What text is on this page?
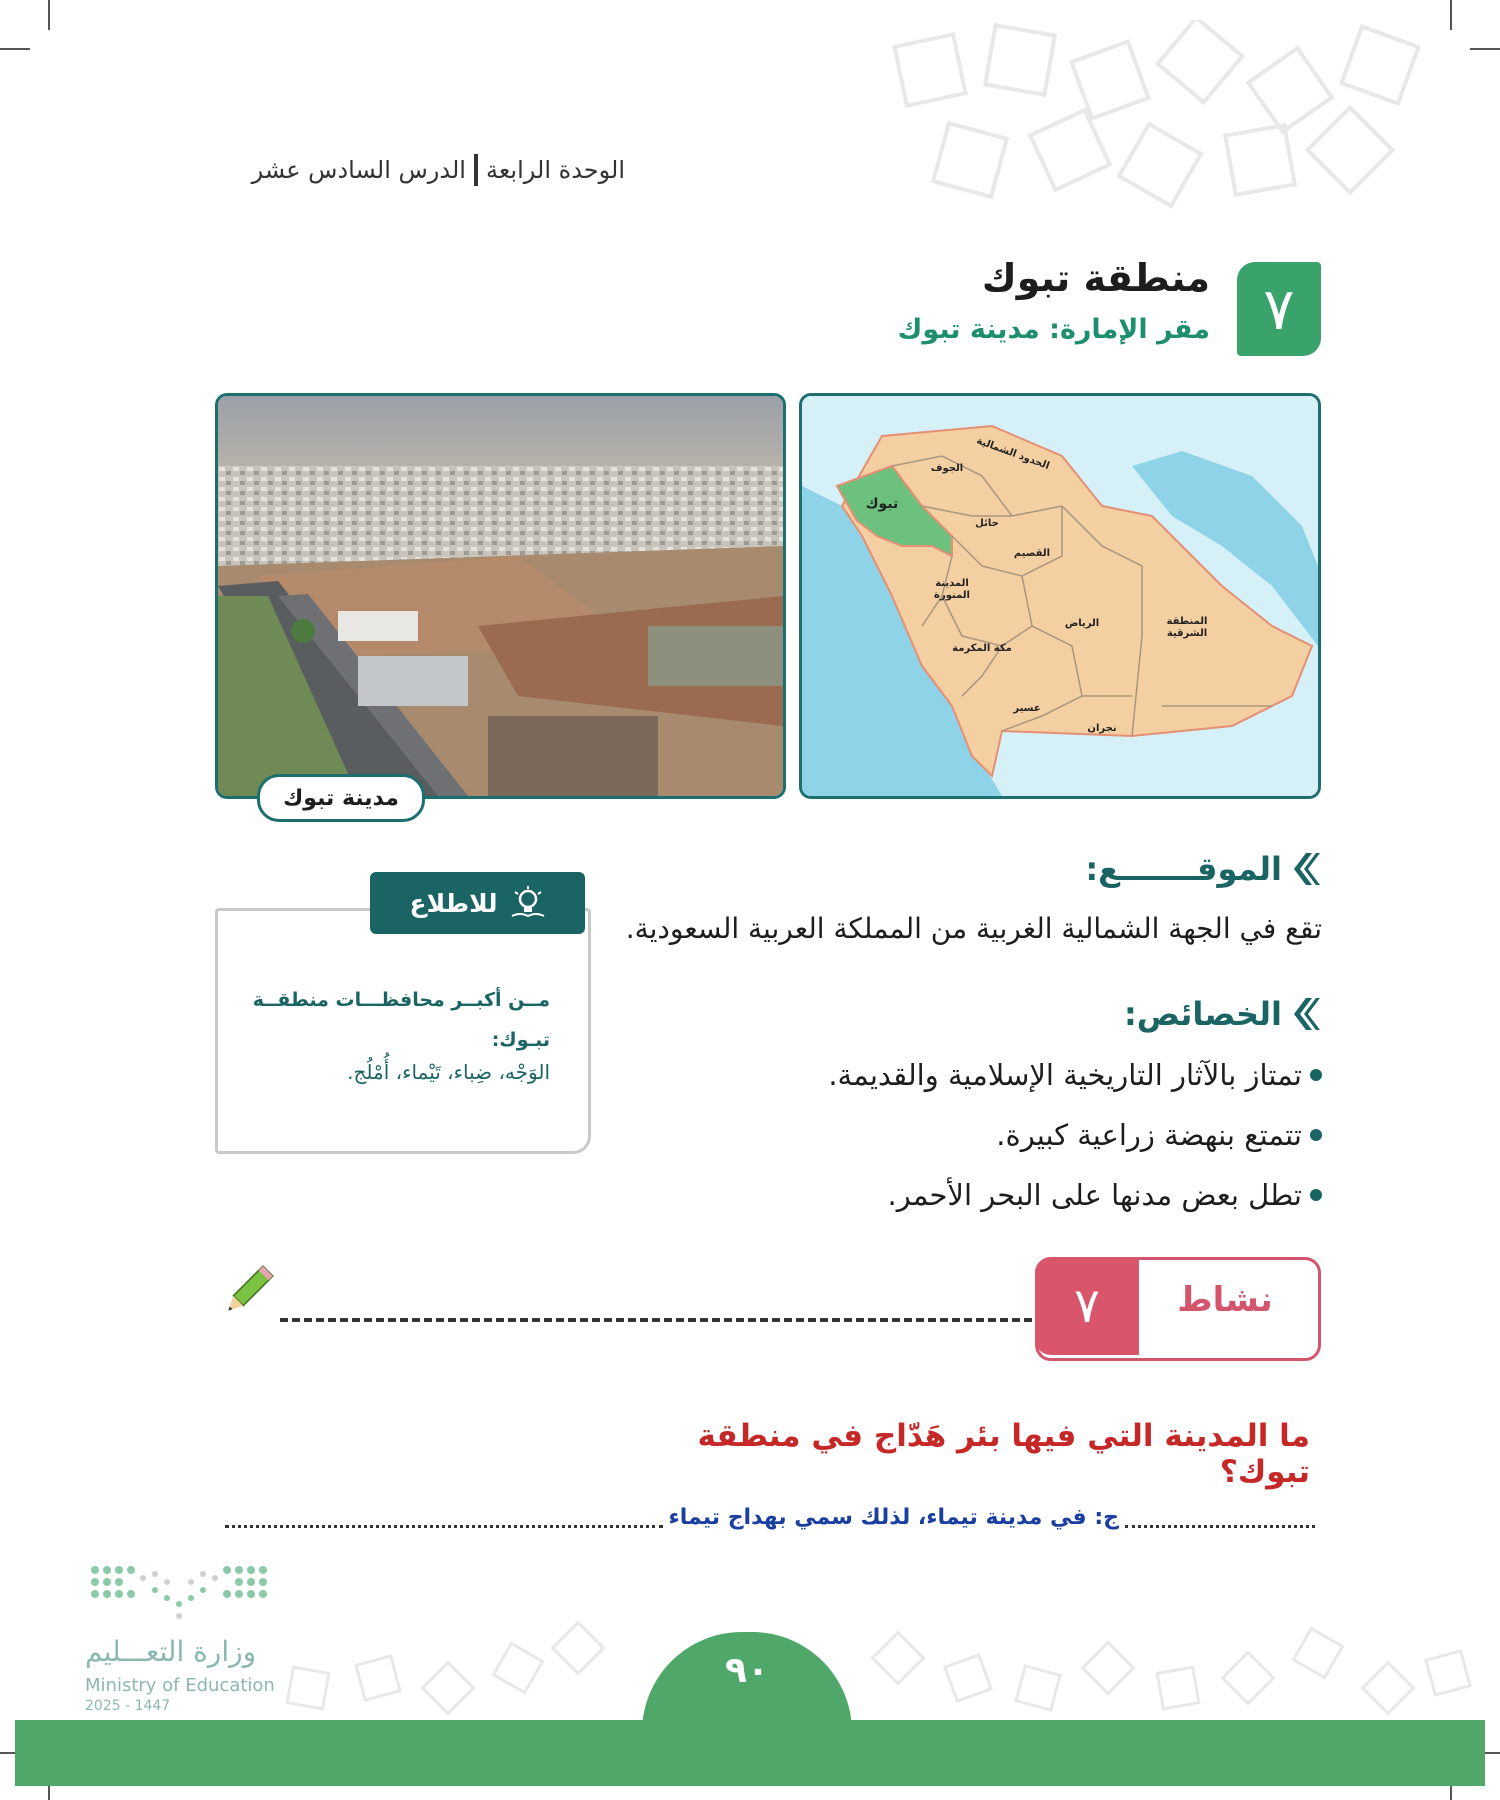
الوحدة الرابعة
الدرس السادس عشر
٧
منطقة تبوك
مقر الإمارة: مدينة تبوك
مدينة تبوك
تبوك
الجوف الحدود الشمالية
حائل
القصيم
المدينة
المنورة
الرياض	المنطقة
الشرقية
مكة المكرمة
عسير
نجران
الموقـــــــع:
تقع في الجهة الشمالية الغربية من المملكة العربية السعودية.
الخصائص:
تمتاز بالآثار التاريخية الإسلامية والقديمة.
تتمتع بنهضة زراعية كبيرة.
تطل بعض مدنها على البحر الأحمر.
للاطلاع
مــن أكبــر محافظـــات منطقــة تبـوك:
الوَجْه، ضِباء، تَيْماء، أُمْلُج.
٧	نشاط
ما المدينة التي فيها بئر هَدّاج في منطقة تبوك؟
ج: في مدينة تيماء، لذلك سمي بهداج تيماء
٩٠
وزارة التعـــليم
Ministry of Education
2025 - 1447
